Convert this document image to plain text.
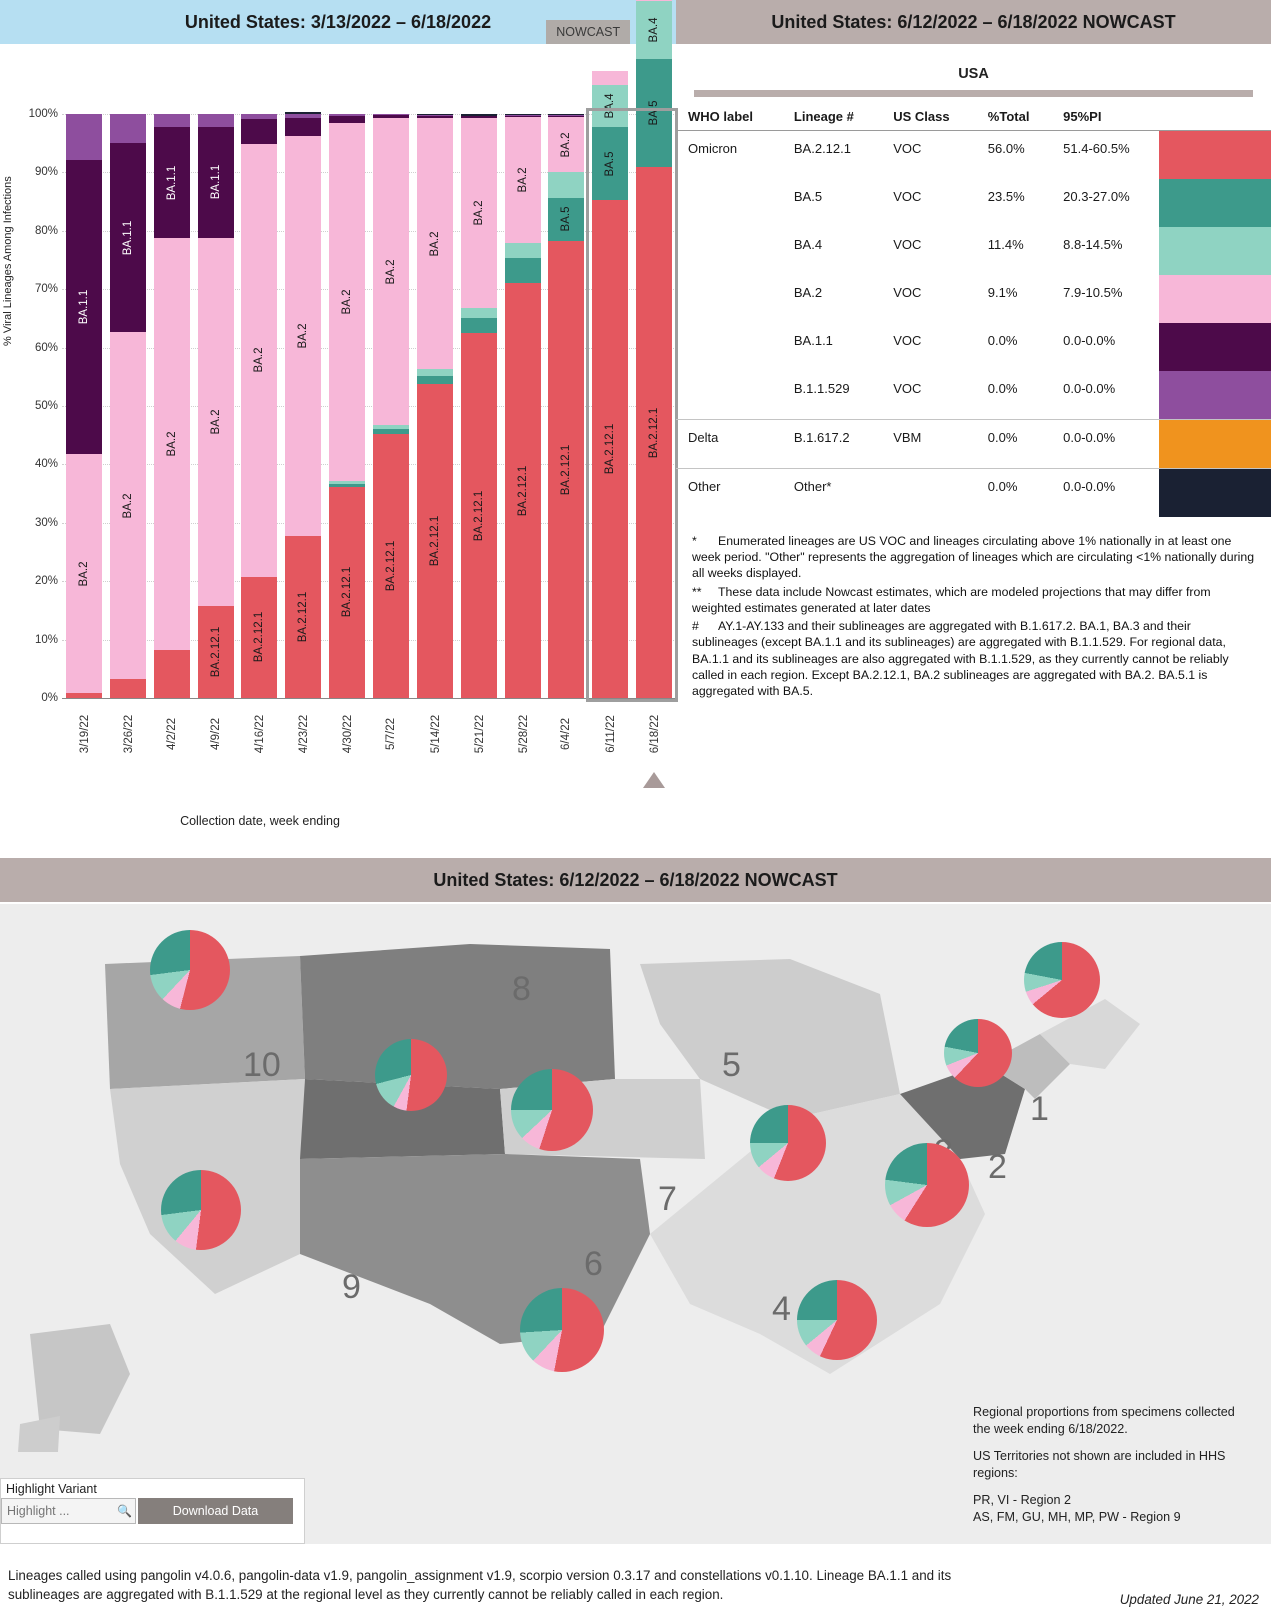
United States: 3/13/2022 – 6/18/2022
% Viral Lineages Among Infections
0%
10%
20%
30%
40%
50%
60%
70%
80%
90%
100%
BA.1.1
BA.2
BA.1.1
BA.2
BA.1.1
BA.2
BA.1.1
BA.2
BA.2.12.1
BA.2
BA.2.12.1
BA.2
BA.2.12.1
BA.2
BA.2.12.1
BA.2
BA.2.12.1
BA.2
BA.2.12.1
BA.2
BA.2.12.1
BA.2
BA.2.12.1
BA.2
BA.5
BA.2.12.1
BA.4
BA.5
BA.2.12.1
BA.4
BA.5
BA.2.12.1
NOWCAST
3/19/22	3/26/22	4/2/22	4/9/22	4/16/22	4/23/22	4/30/22	5/7/22	5/14/22	5/21/22	5/28/22	6/4/22	6/11/22	6/18/22
Collection date, week ending
United States: 6/12/2022 – 6/18/2022 NOWCAST
USA
WHO label	Lineage #	US Class	%Total	95%PI	
Omicron	BA.2.12.1	VOC	56.0%	51.4-60.5%	

	BA.5	VOC	23.5%	20.3-27.0%	

	BA.4	VOC	11.4%	8.8-14.5%	

	BA.2	VOC	9.1%	7.9-10.5%	

	BA.1.1	VOC	0.0%	0.0-0.0%	

	B.1.1.529	VOC	0.0%	0.0-0.0%	

Delta	B.1.617.2	VBM	0.0%	0.0-0.0%	

Other	Other*		0.0%	0.0-0.0%	

* Enumerated lineages are US VOC and lineages circulating above 1% nationally in at least one week period. "Other" represents the aggregation of lineages which are circulating <1% nationally during all weeks displayed.

** These data include Nowcast estimates, which are modeled projections that may differ from weighted estimates generated at later dates

# AY.1-AY.133 and their sublineages are aggregated with B.1.617.2. BA.1, BA.3 and their sublineages (except BA.1.1 and its sublineages) are aggregated with B.1.1.529. For regional data, BA.1.1 and its sublineages are also aggregated with B.1.1.529, as they currently cannot be reliably called in each region. Except BA.2.12.1, BA.2 sublineages are aggregated with BA.2. BA.5.1 is aggregated with BA.5.

United States: 6/12/2022 – 6/18/2022 NOWCAST
1
2
4
5
6
7
8
9
10

Regional proportions from specimens collected the week ending 6/18/2022.

US Territories not shown are included in HHS regions:

PR, VI - Region 2

AS, FM, GU, MH, MP, PW - Region 9

Highlight Variant
Highlight ...
🔍	Download Data
Lineages called using pangolin v4.0.6, pangolin-data v1.9, pangolin_assignment v1.9, scorpio version 0.3.17 and constellations v0.1.10. Lineage BA.1.1 and its sublineages are aggregated with B.1.1.529 at the regional level as they currently cannot be reliably called in each region.	Updated June 21, 2022
